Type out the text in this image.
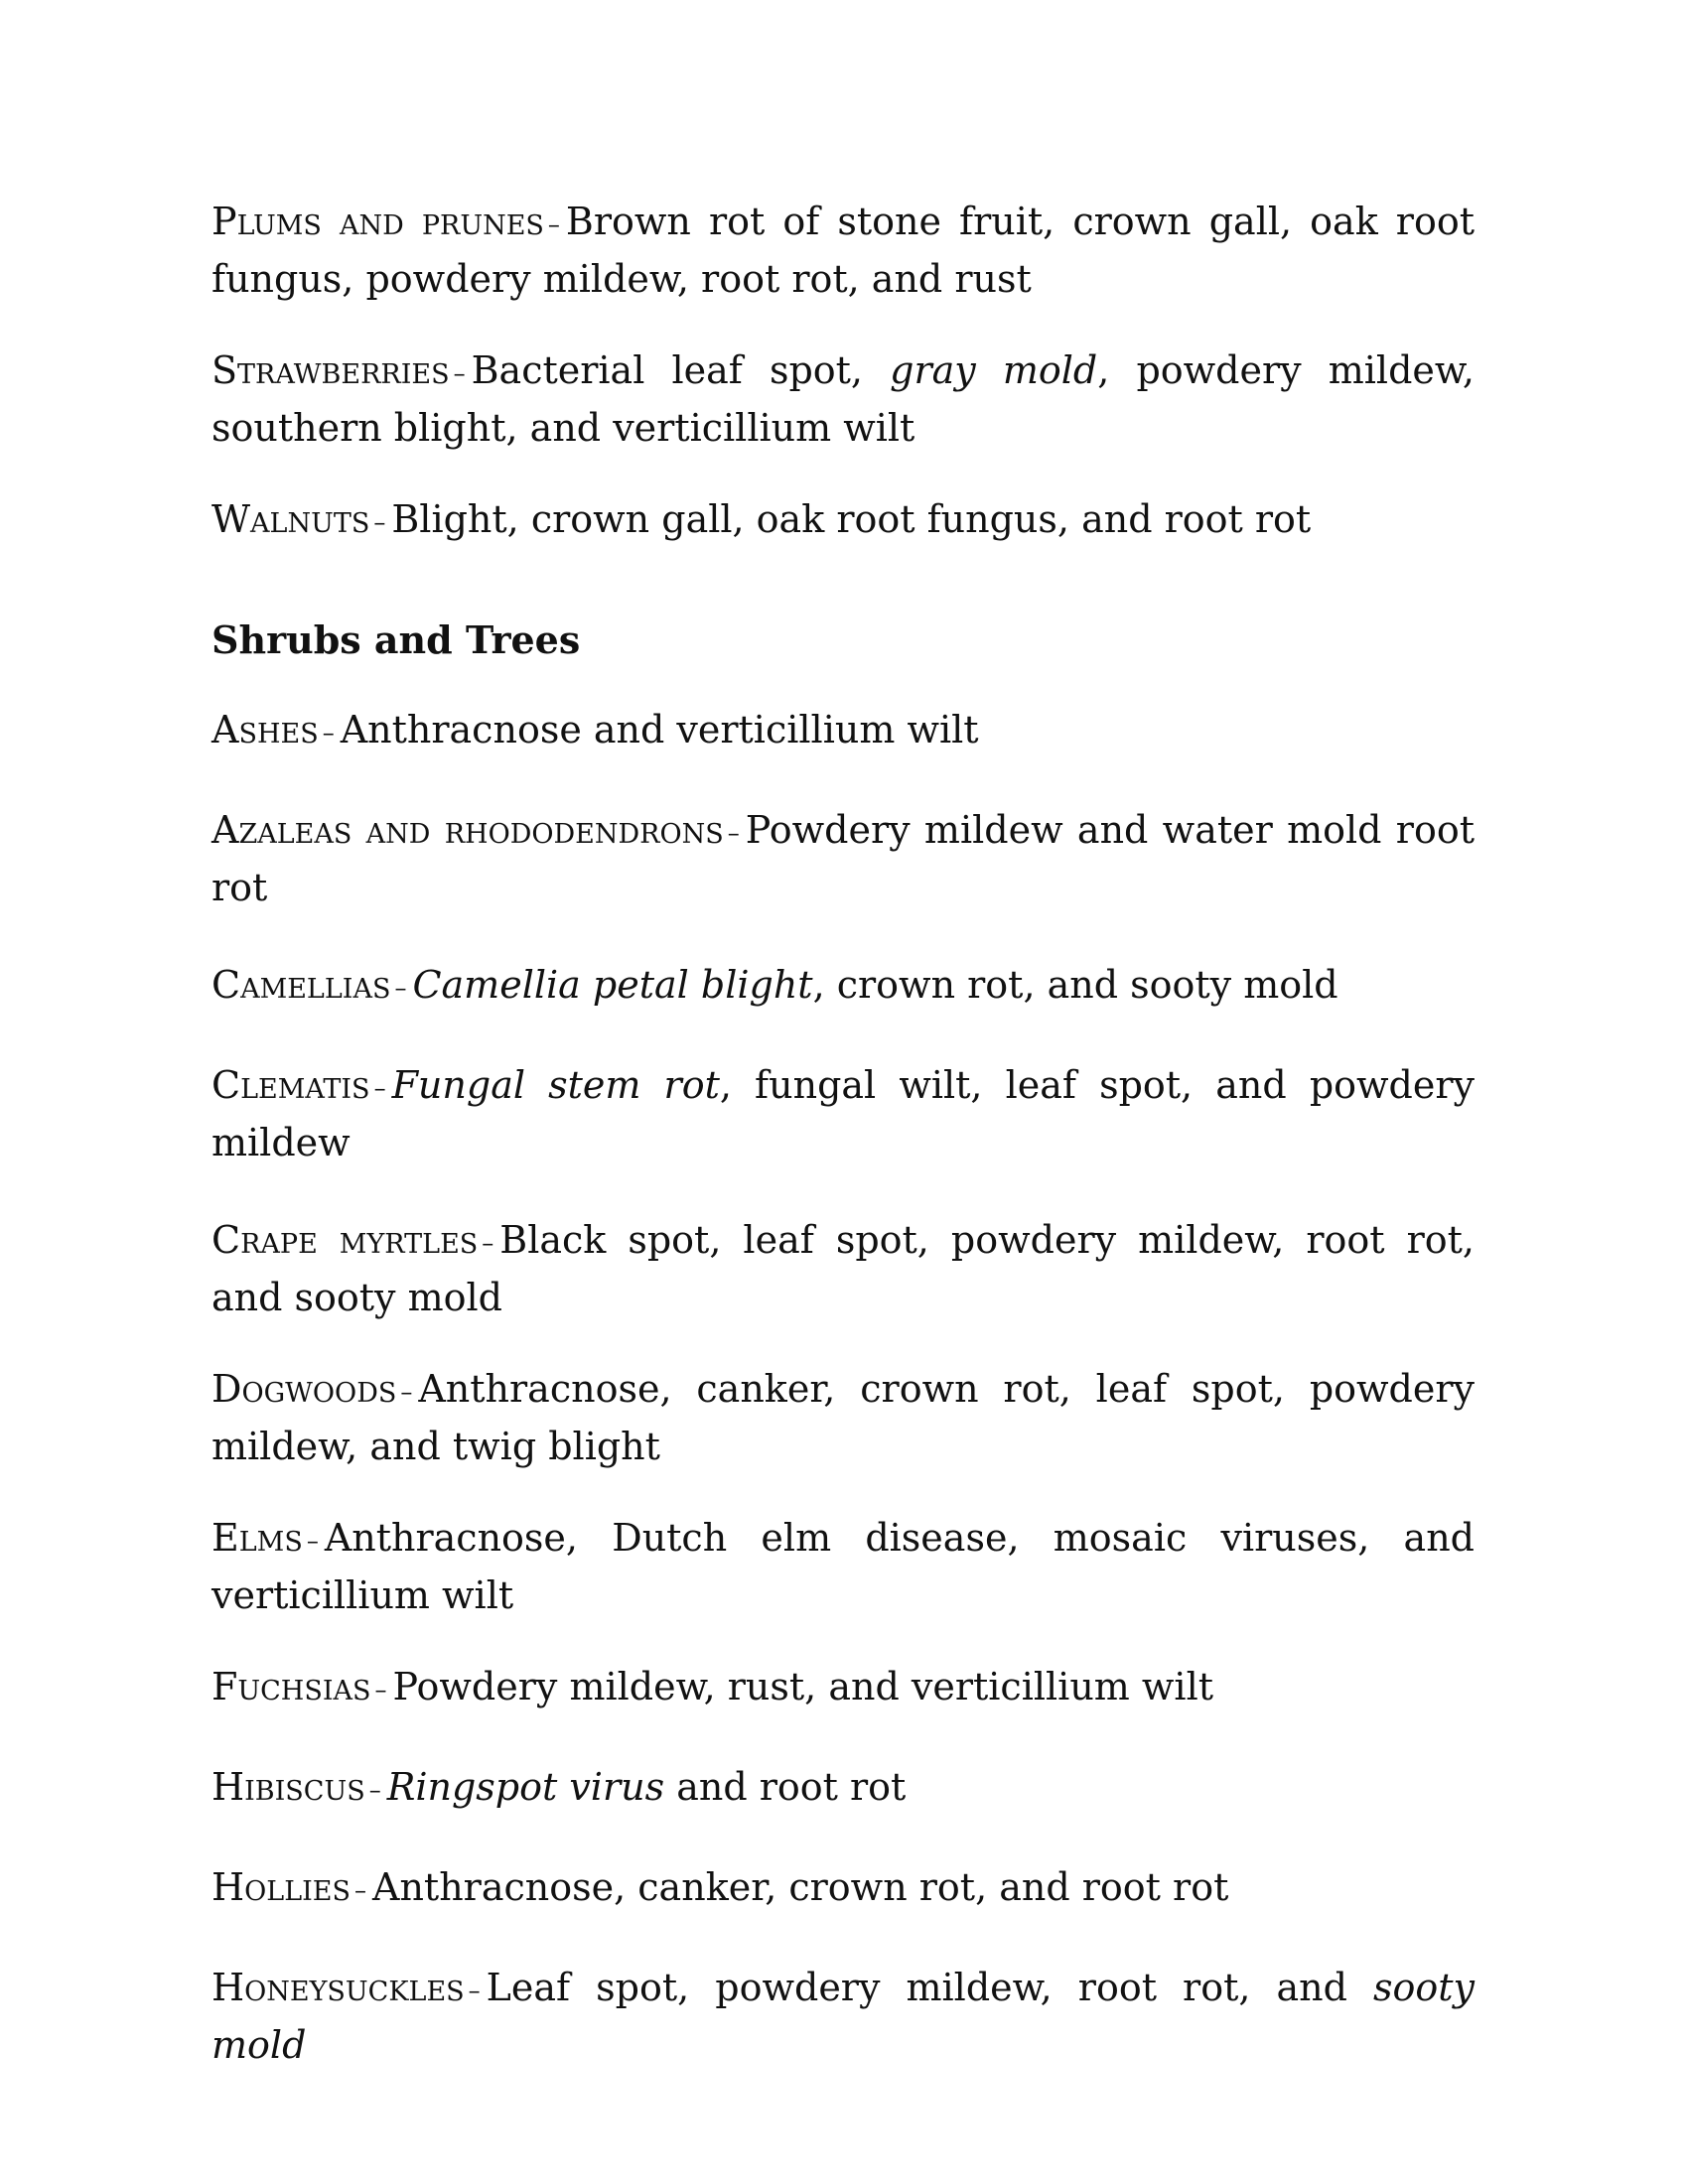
Plums and prunes – Brown rot of stone fruit, crown gall, oak root fungus, powdery mildew, root rot, and rust

Strawberries – Bacterial leaf spot, gray mold, powdery mildew, southern blight, and verticillium wilt

Walnuts – Blight, crown gall, oak root fungus, and root rot

Shrubs and Trees

Ashes – Anthracnose and verticillium wilt

Azaleas and rhododendrons – Powdery mildew and water mold root rot

Camellias – Camellia petal blight, crown rot, and sooty mold

Clematis – Fungal stem rot, fungal wilt, leaf spot, and powdery mildew

Crape myrtles – Black spot, leaf spot, powdery mildew, root rot, and sooty mold

Dogwoods – Anthracnose, canker, crown rot, leaf spot, powdery mildew, and twig blight

Elms – Anthracnose, Dutch elm disease, mosaic viruses, and verticillium wilt

Fuchsias – Powdery mildew, rust, and verticillium wilt

Hibiscus – Ringspot virus and root rot

Hollies – Anthracnose, canker, crown rot, and root rot

Honeysuckles – Leaf spot, powdery mildew, root rot, and sooty mold
